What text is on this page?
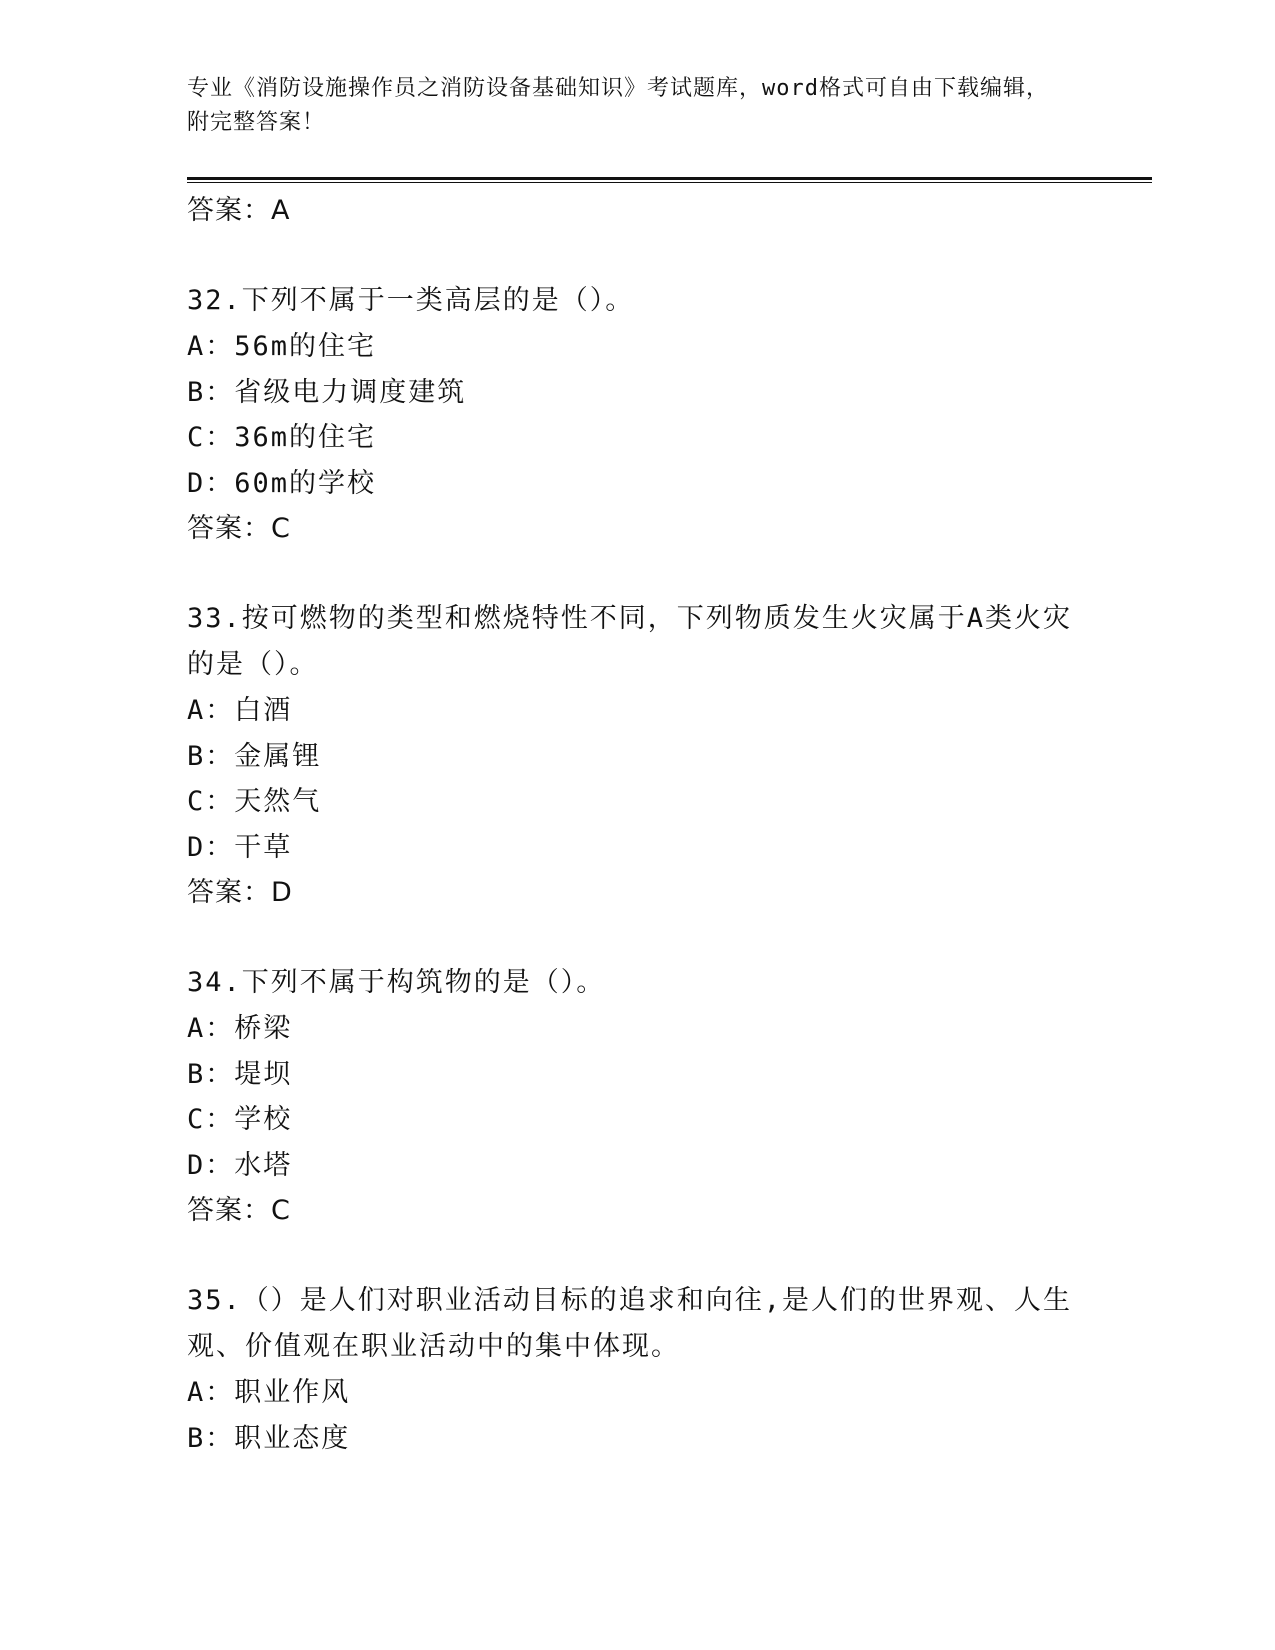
专业《消防设施操作员之消防设备基础知识》考试题库，word格式可自由下载编辑，附完整答案！
答案：A
32.下列不属于一类高层的是（）。
A：56m的住宅
B：省级电力调度建筑
C：36m的住宅
D：60m的学校
答案：C
33.按可燃物的类型和燃烧特性不同，下列物质发生火灾属于A类火灾的是（）。
A：白酒
B：金属锂
C：天然气
D：干草
答案：D
34.下列不属于构筑物的是（）。
A：桥梁
B：堤坝
C：学校
D：水塔
答案：C
35.（）是人们对职业活动目标的追求和向往,是人们的世界观、人生观、价值观在职业活动中的集中体现。
A：职业作风
B：职业态度
